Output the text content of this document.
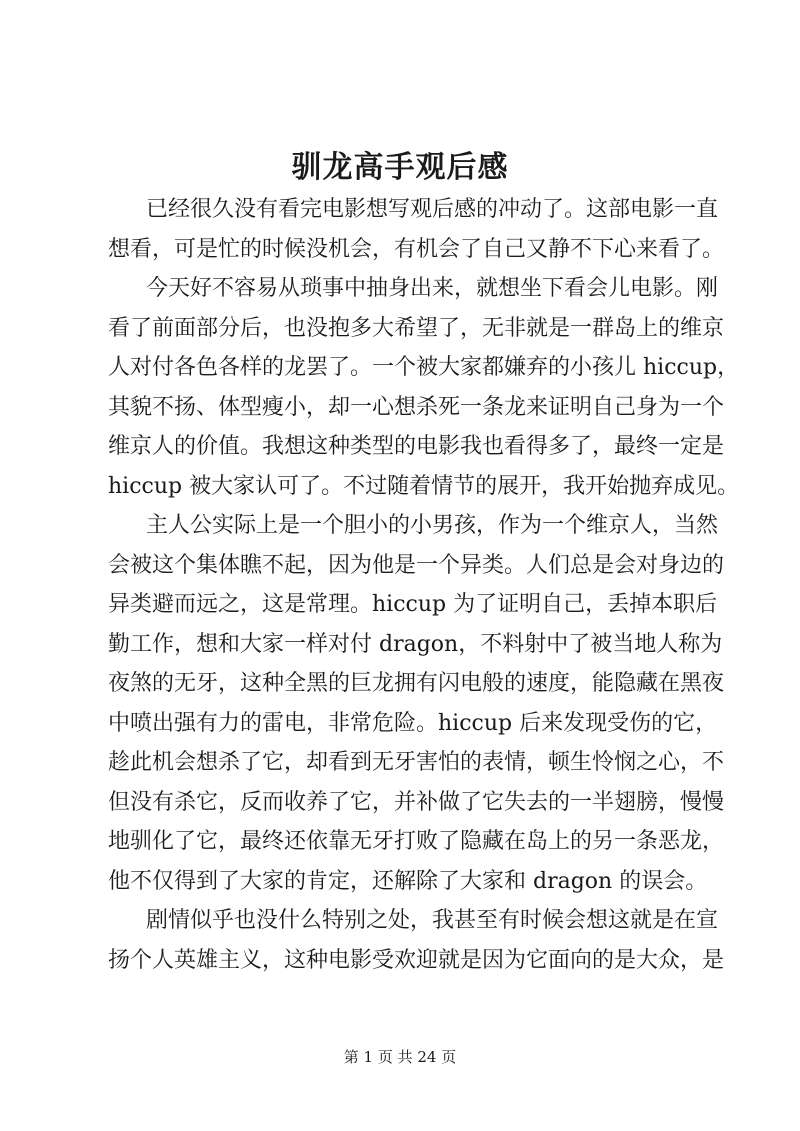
驯龙高手观后感
已经很久没有看完电影想写观后感的冲动了。这部电影一直
想看，可是忙的时候没机会，有机会了自己又静不下心来看了。
今天好不容易从琐事中抽身出来，就想坐下看会儿电影。刚
看了前面部分后，也没抱多大希望了，无非就是一群岛上的维京
人对付各色各样的龙罢了。一个被大家都嫌弃的小孩儿 hiccup，
其貌不扬、体型瘦小，却一心想杀死一条龙来证明自己身为一个
维京人的价值。我想这种类型的电影我也看得多了，最终一定是
hiccup 被大家认可了。不过随着情节的展开，我开始抛弃成见。
主人公实际上是一个胆小的小男孩，作为一个维京人，当然
会被这个集体瞧不起，因为他是一个异类。人们总是会对身边的
异类避而远之，这是常理。hiccup 为了证明自己，丢掉本职后
勤工作，想和大家一样对付 dragon，不料射中了被当地人称为
夜煞的无牙，这种全黑的巨龙拥有闪电般的速度，能隐藏在黑夜
中喷出强有力的雷电，非常危险。hiccup 后来发现受伤的它，
趁此机会想杀了它，却看到无牙害怕的表情，顿生怜悯之心，不
但没有杀它，反而收养了它，并补做了它失去的一半翅膀，慢慢
地驯化了它，最终还依靠无牙打败了隐藏在岛上的另一条恶龙，
他不仅得到了大家的肯定，还解除了大家和 dragon 的误会。
剧情似乎也没什么特别之处，我甚至有时候会想这就是在宣
扬个人英雄主义，这种电影受欢迎就是因为它面向的是大众，是
第 1 页 共 24 页
